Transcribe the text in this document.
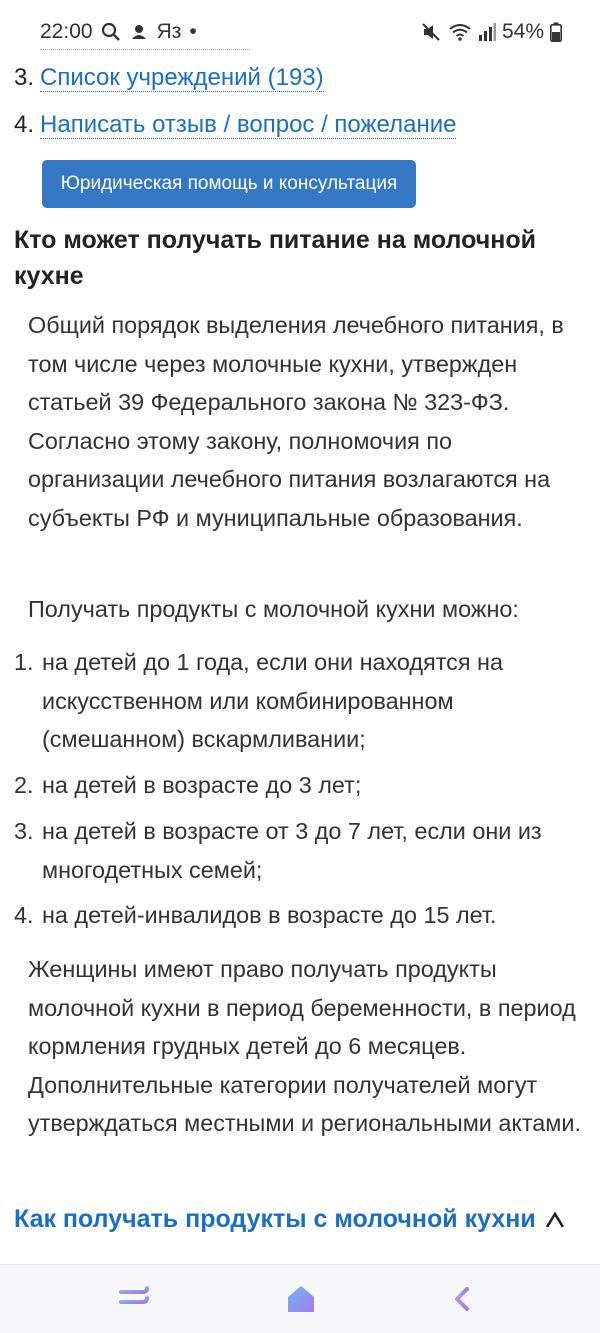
22:00	Яз •	54%
3. Список учреждений (193)
4. Написать отзыв / вопрос / пожелание
Юридическая помощь и консультация
Кто может получать питание на молочной кухне

Общий порядок выделения лечебного питания, в том числе через молочные кухни, утвержден статьей 39 Федерального закона № 323-ФЗ. Согласно этому закону, полномочия по организации лечебного питания возлагаются на субъекты РФ и муниципальные образования.

Получать продукты с молочной кухни можно:

1. на детей до 1 года, если они находятся на искусственном или комбинированном (смешанном) вскармливании;
2. на детей в возрасте до 3 лет;
3. на детей в возрасте от 3 до 7 лет, если они из многодетных семей;
4. на детей-инвалидов в возрасте до 15 лет.

Женщины имеют право получать продукты молочной кухни в период беременности, в период кормления грудных детей до 6 месяцев. Дополнительные категории получателей могут утверждаться местными и региональными актами.

Как получать продукты с молочной кухни
